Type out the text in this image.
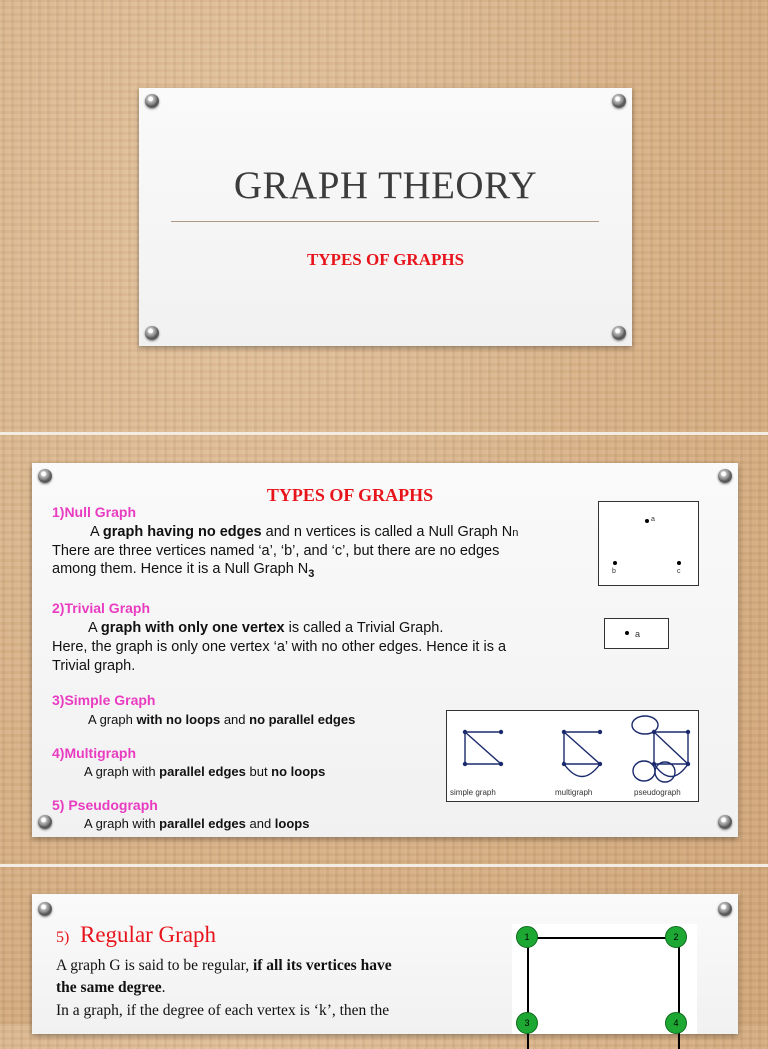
GRAPH THEORY
TYPES OF GRAPHS
TYPES OF GRAPHS
1)Null Graph
A graph having no edges and n vertices is called a Null Graph Nn
There are three vertices named ‘a’, ‘b’, and ‘c’, but there are no edges
among them. Hence it is a Null Graph $N_3$
a
b	c
2)Trivial Graph
A graph with only one vertex is called a Trivial Graph.
Here, the graph is only one vertex ‘a’ with no other edges. Hence it is a
Trivial graph.
a
3)Simple Graph
A graph with no loops and no parallel edges
4)Multigraph
A graph with parallel edges but no loops
5) Pseudograph
A graph with parallel edges and loops
simple graph	multigraph	pseudograph
5) Regular Graph
A graph G is said to be regular, if all its vertices have
the same degree.
In a graph, if the degree of each vertex is ‘k’, then the
1	2
3	4
